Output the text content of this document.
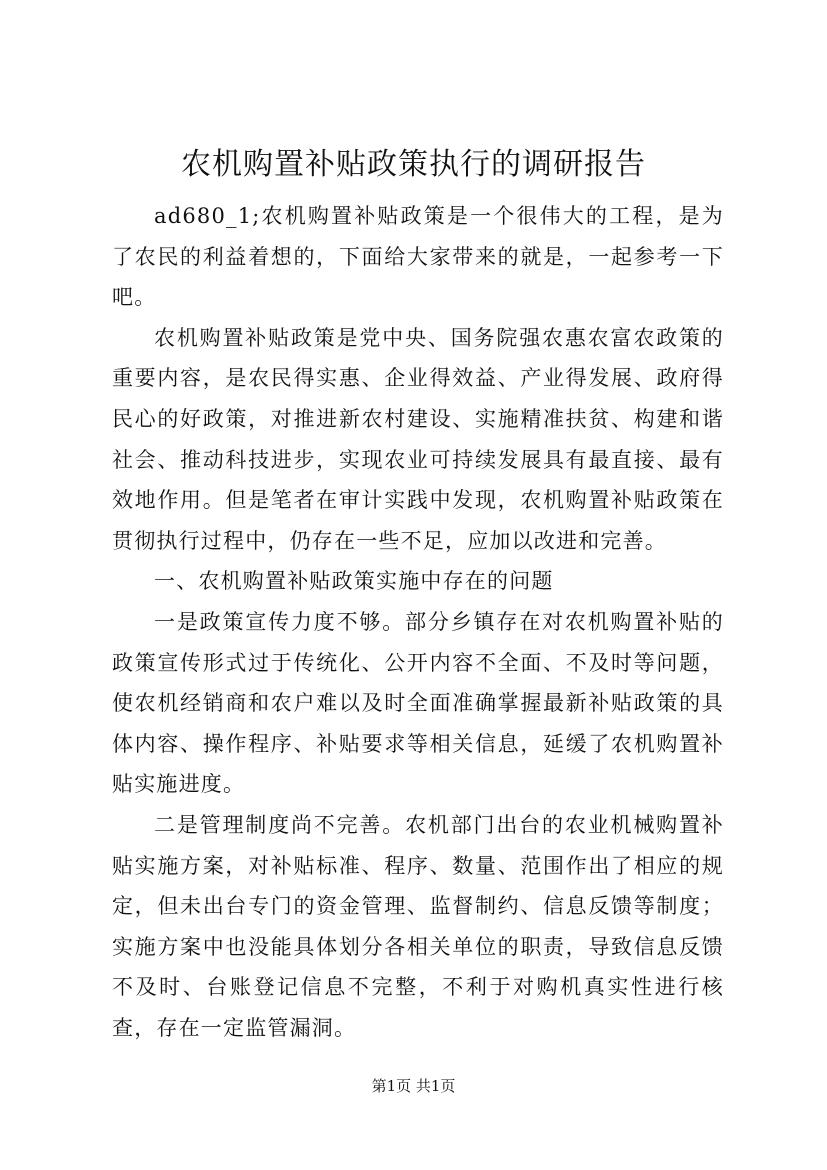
农机购置补贴政策执行的调研报告

ad680_1;农机购置补贴政策是一个很伟大的工程，是为了农民的利益着想的，下面给大家带来的就是，一起参考一下吧。

农机购置补贴政策是党中央、国务院强农惠农富农政策的重要内容，是农民得实惠、企业得效益、产业得发展、政府得民心的好政策，对推进新农村建设、实施精准扶贫、构建和谐社会、推动科技进步，实现农业可持续发展具有最直接、最有效地作用。但是笔者在审计实践中发现，农机购置补贴政策在贯彻执行过程中，仍存在一些不足，应加以改进和完善。

一、农机购置补贴政策实施中存在的问题

一是政策宣传力度不够。部分乡镇存在对农机购置补贴的政策宣传形式过于传统化、公开内容不全面、不及时等问题，使农机经销商和农户难以及时全面准确掌握最新补贴政策的具体内容、操作程序、补贴要求等相关信息，延缓了农机购置补贴实施进度。

二是管理制度尚不完善。农机部门出台的农业机械购置补贴实施方案，对补贴标准、程序、数量、范围作出了相应的规定，但未出台专门的资金管理、监督制约、信息反馈等制度；实施方案中也没能具体划分各相关单位的职责，导致信息反馈不及时、台账登记信息不完整，不利于对购机真实性进行核查，存在一定监管漏洞。

第1页 共1页
